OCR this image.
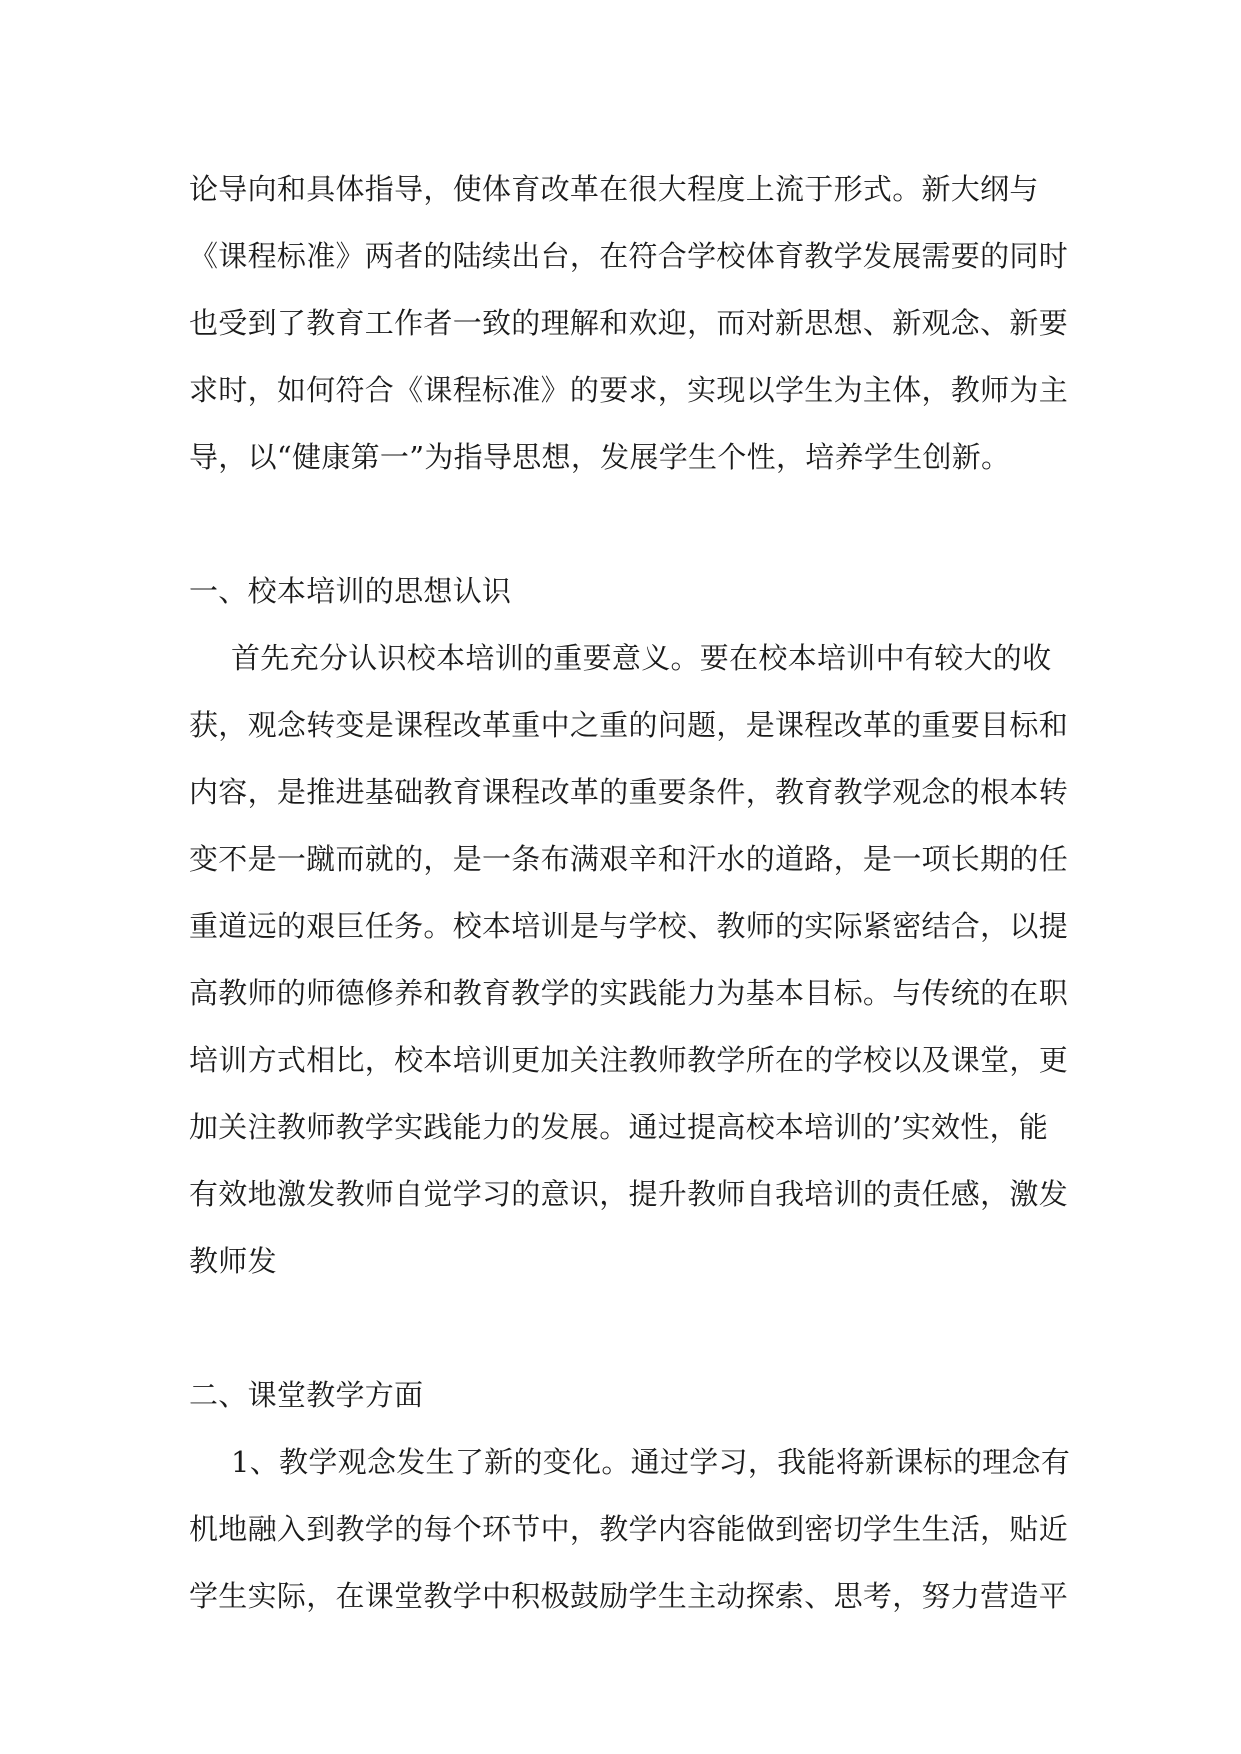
论导向和具体指导，使体育改革在很大程度上流于形式。新大纲与
《课程标准》两者的陆续出台，在符合学校体育教学发展需要的同时
也受到了教育工作者一致的理解和欢迎，而对新思想、新观念、新要
求时，如何符合《课程标准》的要求，实现以学生为主体，教师为主
导，以“健康第一”为指导思想，发展学生个性，培养学生创新。
一、校本培训的思想认识
首先充分认识校本培训的重要意义。要在校本培训中有较大的收
获，观念转变是课程改革重中之重的问题，是课程改革的重要目标和
内容，是推进基础教育课程改革的重要条件，教育教学观念的根本转
变不是一蹴而就的，是一条布满艰辛和汗水的道路，是一项长期的任
重道远的艰巨任务。校本培训是与学校、教师的实际紧密结合，以提
高教师的师德修养和教育教学的实践能力为基本目标。与传统的在职
培训方式相比，校本培训更加关注教师教学所在的学校以及课堂，更
加关注教师教学实践能力的发展。通过提高校本培训的’实效性，能
有效地激发教师自觉学习的意识，提升教师自我培训的责任感，激发
教师发
二、课堂教学方面
1、教学观念发生了新的变化。通过学习，我能将新课标的理念有
机地融入到教学的每个环节中，教学内容能做到密切学生生活，贴近
学生实际，在课堂教学中积极鼓励学生主动探索、思考，努力营造平
